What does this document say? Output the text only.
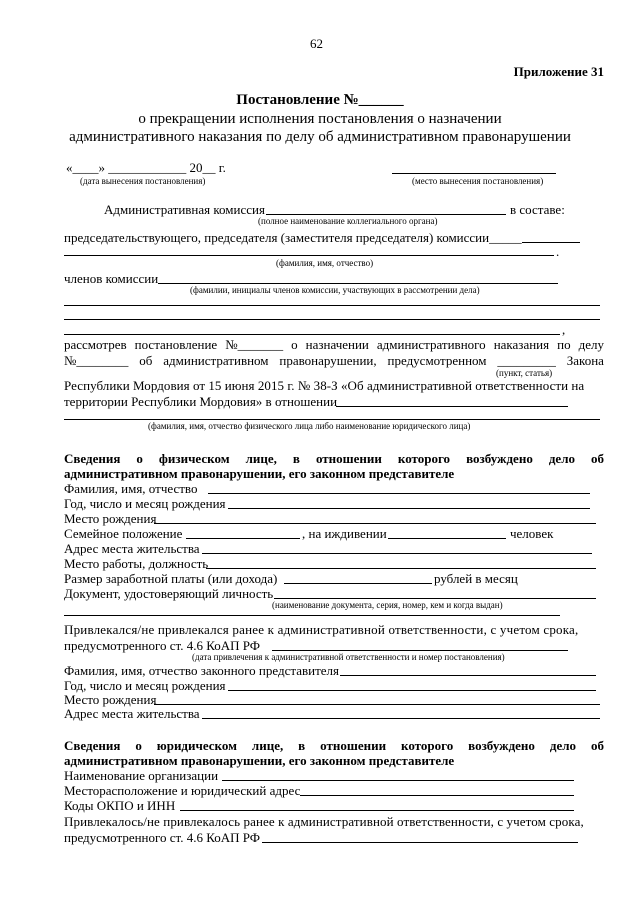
62
Приложение 31
Постановление №______
о прекращении исполнения постановления о назначении
административного наказания по делу об административном правонарушении
«____» ____________ 20__ г.
(дата вынесения постановления)	(место вынесения постановления)
Административная комиссия	в составе:
(полное наименование коллегиального органа)
председательствующего, председателя (заместителя председателя) комиссии_____
.
(фамилия, имя, отчество)
членов комиссии
(фамилии, инициалы членов комиссии, участвующих в рассмотрении дела)
,
рассмотрев постановление №_______ о назначении административного наказания по делу
№________ об административном правонарушении, предусмотренном _________ Закона
(пункт, статья)
Республики Мордовия от 15 июня 2015 г. № 38-З «Об административной ответственности на
территории Республики Мордовия» в отношении
(фамилия, имя, отчество физического лица либо наименование юридического лица)
Сведения о физическом лице, в отношении которого возбуждено дело об
административном правонарушении, его законном представителе
Фамилия, имя, отчество
Год, число и месяц рождения
Место рождения
Семейное положение	, на иждивении	человек
Адрес места жительства
Место работы, должность
Размер заработной платы (или дохода)	рублей в месяц
Документ, удостоверяющий личность
(наименование документа, серия, номер, кем и когда выдан)
Привлекался/не привлекался ранее к административной ответственности, с учетом срока,
предусмотренного ст. 4.6 КоАП РФ
(дата привлечения к административной ответственности и номер постановления)
Фамилия, имя, отчество законного представителя
Год, число и месяц рождения
Место рождения
Адрес места жительства
Сведения о юридическом лице, в отношении которого возбуждено дело об
административном правонарушении, его законном представителе
Наименование организации
Месторасположение и юридический адрес
Коды ОКПО и ИНН
Привлекалось/не привлекалось ранее к административной ответственности, с учетом срока,
предусмотренного ст. 4.6 КоАП РФ
